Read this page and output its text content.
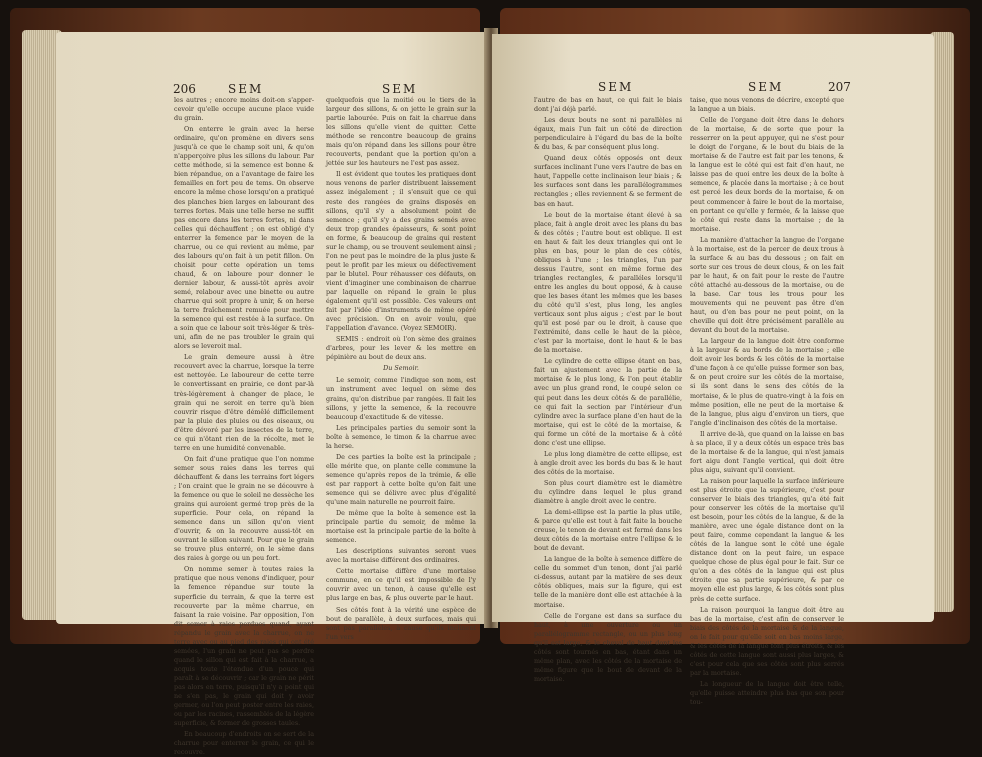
206	SEM	SEM

les autres ; encore moins doit-on s'apper-cevoir qu'elle occupe aucune place vuide du grain.

On enterre le grain avec la herse ordinaire, qu'on promène en divers sens jusqu'à ce que le champ soit uni, & qu'on n'apperçoive plus les sillons du labour. Par cette méthode, si la semence est bonne & bien répandue, on a l'avantage de faire les femailles en fort peu de tems. On observe encore la même chose lorsqu'on a pratiqué des planches bien larges en labourant des terres fortes. Mais une telle herse ne suffit pas encore dans les terres fortes, ni dans celles qui déchauffent ; on est obligé d'y enterrer la femence par le moyen de la charrue, ou ce qui revient au même, par des labours qu'on fait à un petit fillon. On choisit pour cette opération un tems chaud, & on laboure pour donner le dernier labour, & aussi-tôt après avoir semé, relabour avec une binette ou autre charrue qui soit propre à unir, & on herse la terre fraîchement remuée pour mettre la semence qui est restée à la surface. On a soin que ce labour soit très-léger & très-uni, afin de ne pas troubler le grain qui alors se leveroit mal.

Le grain demeure aussi à être recouvert avec la charrue, lorsque la terre est nettoyée. Le laboureur de cette terre le convertissant en prairie, ce dont par-là très-légèrement à changer de place, le grain qui ne seroit en terre qu'à bien couvrir risque d'être démêlé difficilement par la pluie des pluies ou des oiseaux, ou d'être dévoré par les insectes de la terre, ce qui n'ôtant rien de la récolte, met le terre en une humidité convenable.

On fait d'une pratique que l'on nomme semer sous raies dans les terres qui déchauffent & dans les terrains fort légers ; l'on craint que le grain ne se découvre à la femence ou que le soleil ne dessèche les grains qui auroient germé trop près de la superficie. Pour cela, on répand la semence dans un sillon qu'on vient d'ouvrir, & on la recouvre aussi-tôt en ouvrant le sillon suivant. Pour que le grain se trouve plus enterré, on le sème dans des raies à gorge ou un peu fort.

On nomme semer à toutes raies la pratique que nous venons d'indiquer, pour la femence répandue sur toute la superficie du terrain, & que la terre est recouverte par la même charrue, en faisant la raie voisine. Par opposition, l'on dit semer à raies perdues quand, ayant répandu le grain avec la charrue, on ne terre avec ou au pied des raies qui ont été semées, l'un grain ne peut pas se perdre quand le sillon qui est fait à la charrue, a acquis toute l'étendue d'un pouce qui paraît à se découvrir ; car le grain ne périt pas alors en terre, puisqu'il n'y a point qui ne s'en pas, le grain qui doit y avoir germer, ou l'on peut poster entre les raies, ou par les racines, rassemblés de la légère superficie, & former de grosses taules.

En beaucoup d'endroits on se sert de la charrue pour enterrer le grain, ce qui le recouvre.

quelquefois que la moitié ou le tiers de la largeur des sillons, & on jette le grain sur la partie labourée. Puis on fait la charrue dans les sillons qu'elle vient de quitter. Cette méthode se rencontre beaucoup de grains mais qu'on répand dans les sillons pour être recouverts, pendant que la portion qu'on a jettée sur les hauteurs ne l'est pas assez.

Il est évident que toutes les pratiques dont nous venons de parler distribuent laissement assez inégalement ; il s'ensuit que ce qui reste des rangées de grains disposés en sillons, qu'il s'y a absolument point de semence ; qu'il s'y a des grains semés avec deux trop grandes épaisseurs, & sont point en forme, & beaucoup de grains qui restent sur le champ, ou se trouvent seulement ainsi ; l'on ne peut pas le moindre de la plus juste & peut le profit par les mieux ou défectivement par le blutel. Pour réhausser ces défauts, on vient d'imaginer une combinaison de charrue par laquelle on répand le grain le plus également qu'il est possible. Ces valeurs ont fait par l'idée d'instruments de même opéré avec précision. On en avoir voulu, que l'appellation d'avance. (Voyez SEMOIR).

SEMIS : endroit où l'on sème des graines d'arbres, pour les lever & les mettre en pépinière au bout de deux ans.

Du Semoir.

Le semoir, comme l'indique son nom, est un instrument avec lequel on sème des grains, qu'on distribue par rangées. Il fait les sillons, y jette la semence, & la recouvre beaucoup d'exactitude & de vitesse.

Les principales parties du semoir sont la boîte à semence, le timon & la charrue avec la herse.

De ces parties la boîte est la principale ; elle mérite que, on plante celle commune la semence qu'après repos de la trémie, & elle est par rapport à cette boîte qu'on fait une semence qui se délivre avec plus d'égalité qu'une main naturelle ne pourroit faire.

De même que la boîte à semence est la principale partie du semoir, de même la mortaise est la principale partie de la boîte à semence.

Les descriptions suivantes seront vues avec la mortaise différent des ordinaires.

Cette mortaise diffère d'une mortaise commune, en ce qu'il est impossible de l'y couvrir avec un tenon, à cause qu'elle est plus large en bas, & plus ouverte par le haut.

Ses côtés font à la vérité une espèce de bout de parallèle, à deux surfaces, mais qui sont pas parallèles, à cause qu'ils inclinent l'un vers

SEM	SEM	207

l'autre de bas en haut, ce qui fait le biais dont j'ai déjà parlé.

Les deux bouts ne sont ni parallèles ni égaux, mais l'un fait un côté de direction perpendiculaire à l'égard du bas de la boîte & du bas, & par conséquent plus long.

Quand deux côtés opposés ont deux surfaces inclinant l'une vers l'autre de bas en haut, l'appelle cette inclinaison leur biais ; & les surfaces sont dans les parallélogrammes rectangles ; elles reviennent & se ferment de bas en haut.

Le bout de la mortaise étant élevé à sa place, fait à angle droit avec les plans du bas & des côtés ; l'autre bout est oblique. Il est en haut & fait les deux triangles qui ont le plus en bas, pour le plan de ces côtés, obliques à l'une ; les triangles, l'un par dessus l'autre, sont en même forme des triangles rectangles, & paralléles lorsqu'il entre les angles du bout opposé, & à cause que les bases étant les mêmes que les bases du côté qu'il s'est, plus long, les angles verticaux sont plus aigus ; c'est par le bout qu'il est posé par ou le droit, à cause que l'extrémité, dans celle le haut de la pièce, c'est par la mortaise, dont le haut & le bas de la mortaise.

Le cylindre de cette ellipse étant en bas, fait un ajustement avec la partie de la mortaise & le plus long, & l'on peut établir avec un plus grand rond, le coupé selon ce qui peut dans les deux côtés & de parallélie, ce qui fait la section par l'intérieur d'un cylindre avec la surface plane d'en haut de la mortaise, qui est le côté de la mortaise, & qui forme un côté de la mortaise & à côté donc c'est une ellipse.

Le plus long diamètre de cette ellipse, est à angle droit avec les bords du bas & le haut des côtés de la mortaise.

Son plus court diamètre est le diamètre du cylindre dans lequel le plus grand diamètre à angle droit avec le centre.

La demi-ellipse est la partie la plus utile, & parce qu'elle est tout à fait faite la bouche creuse, le tenon de devant est fermé dans les deux côtés de la mortaise entre l'ellipse & le bout de devant.

La langue de la boîte à semence diffère de celle du sommet d'un tenon, dont j'ai parlé ci-dessus, autant par la matière de ses deux côtés obliques, mais sur la figure, qui est telle de la manière dont elle est attachée à la mortaise.

Celle de l'organe est dans sa surface du haut, à une ouverture ou un parallélogramme rectangle, ou un plus long qu'il est large, & le cheval de haut dont les côtés sont tournés en bas, étant dans un même plan, avec les côtés de la mortaise de même figure que le bout de devant de la mortaise.

taise, que nous venons de décrire, excepté que la langue a un biais.

Celle de l'organe doit être dans le dehors de la mortaise, & de sorte que pour la resserrer on la peut appuyer, qui ne s'est pour le doigt de l'organe, & le bout du biais de la mortaise & de l'autre est fait par les tenons, & la langue est le côté qui est fait d'en haut, ne laisse pas de quoi entre les deux de la boîte à semence, & placée dans la mortaise ; à ce bout est percé les deux bords de la mortaise, & on peut commencer à faire le bout de la mortaise, en portant ce qu'elle y fermée, & la laisse que le côté qui reste dans la mortaise ; de la mortaise.

La manière d'attacher la langue de l'organe à la mortaise, est de la percer de deux trous à la surface & au bas du dessous ; on fait en sorte sur ces trous de deux clous, & on les fait par le haut, & on fait pour le reste de l'autre côté attaché au-dessous de la mortaise, ou de la base. Car tous les trous pour les mouvements qui ne peuvent pas être d'en haut, ou d'en bas pour ne peut point, on la cheville qui doit être précisément parallèle au devant du bout de la mortaise.

La largeur de la langue doit être conforme à la largeur & au bords de la mortaise ; elle doit avoir les bords & les côtés de la mortaise d'une façon à ce qu'elle puisse former son bas, & on peut croire sur les côtés de la mortaise, si ils sont dans le sens des côtés de la mortaise, & le plus de quatre-vingt à la fois en même position, elle ne peut de la mortaise & de la langue, plus aigu d'environ un tiers, que l'angle d'inclinaison des côtés de la mortaise.

Il arrive de-là, que quand on la laisse en bas à sa place, il y a deux côtés un espace très bas de la mortaise & de la langue, qui n'est jamais fort aigu dont l'angle vertical, qui doit être plus aigu, suivant qu'il convient.

La raison pour laquelle la surface inférieure est plus étroite que la supérieure, c'est pour conserver le biais des triangles, qu'a été fait pour conserver les côtés de la mortaise qu'il est besoin, pour les côtés de la langue, & de la manière, avec une égale distance dont on la peut faire, comme cependant la langue & les côtés de la langue sont le côté une égale distance dont on la peut faire, un espace quelque chose de plus égal pour le fait. Sur ce qu'on a des côtés de la langue qui est plus étroite que sa partie supérieure, & par ce moyen elle est plus large, & les côtés sont plus près de cette surface.

La raison pourquoi la langue doit être au bas de la mortaise, c'est afin de conserver le biais des côtés de la mortaise & de la langue, on le fait pour qu'elle soit en bas moins large, & les côtés de la langue font plus étroits, & les côtés de cette langue sont aussi plus larges, & c'est pour cela que ses côtés sont plus serrés par la mortaise.

La longueur de la langue doit être telle, qu'elle puisse atteindre plus bas que son pour tou-
